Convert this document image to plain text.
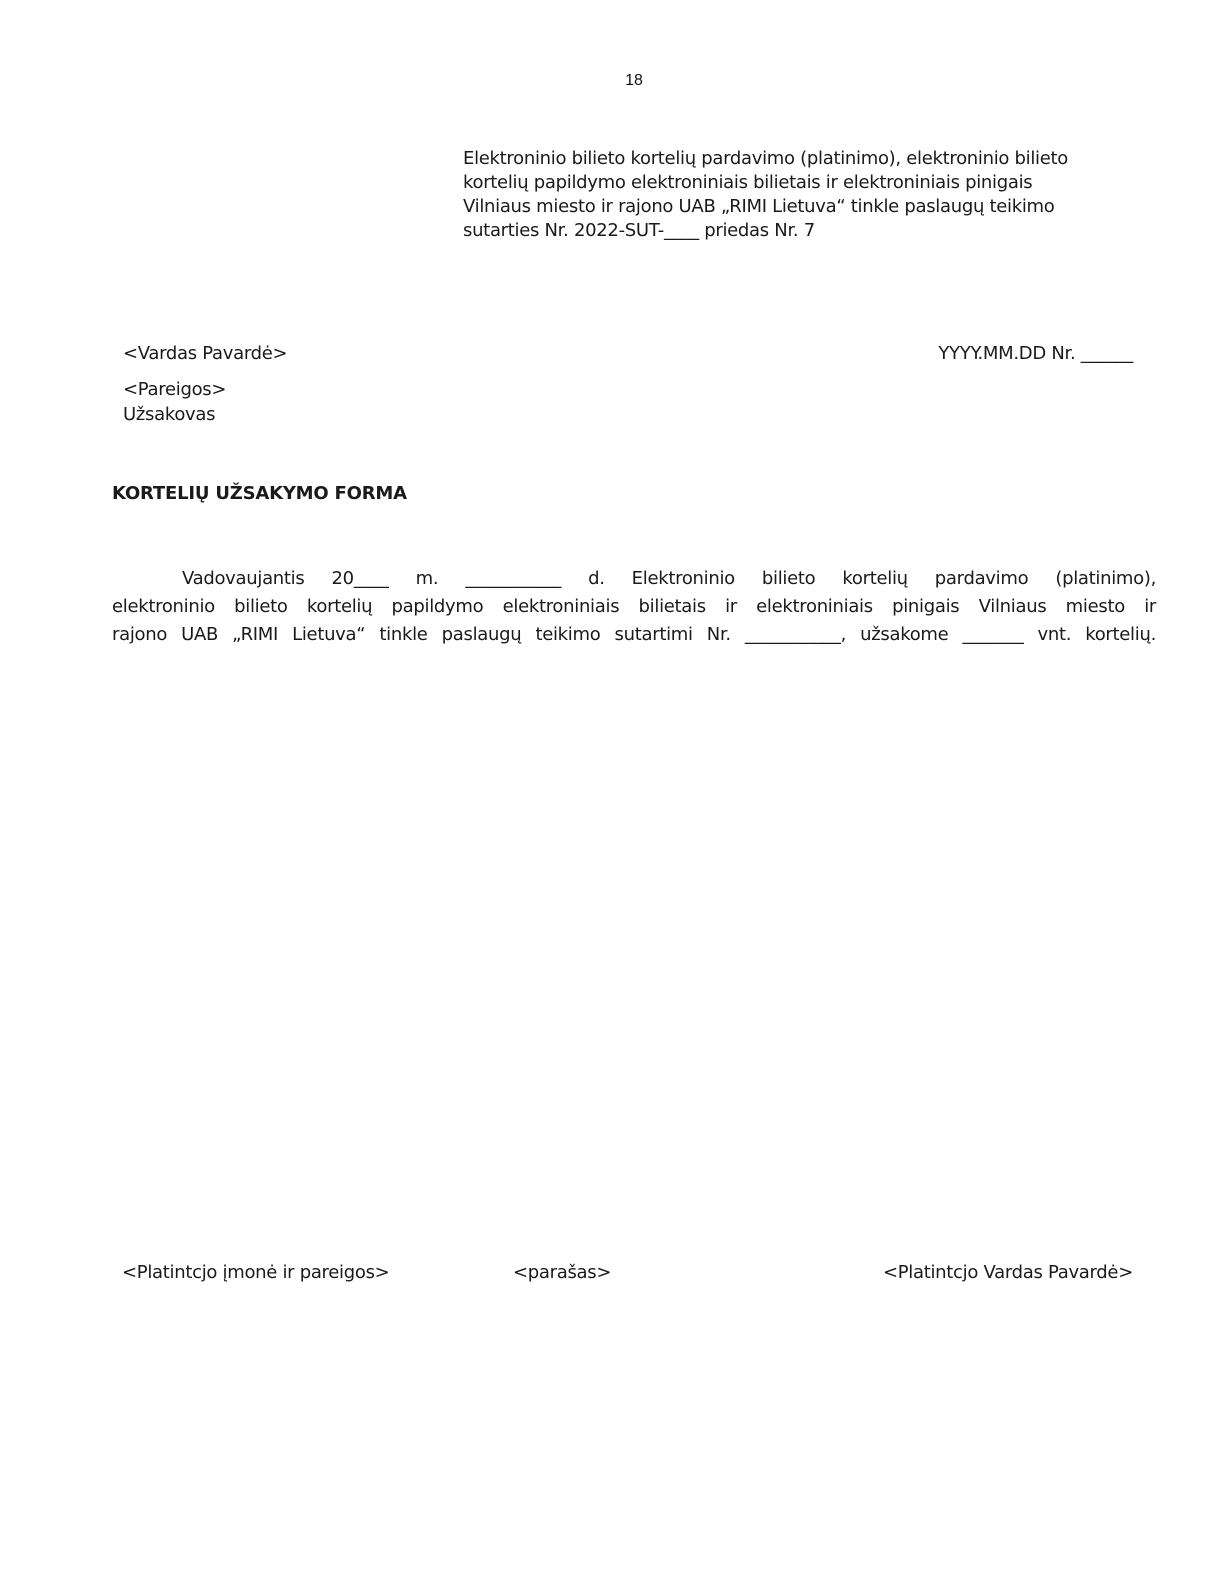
18
Elektroninio bilieto kortelių pardavimo (platinimo), elektroninio bilieto
kortelių papildymo elektroniniais bilietais ir elektroniniais pinigais
Vilniaus miesto ir rajono UAB „RIMI Lietuva“ tinkle paslaugų teikimo
sutarties Nr. 2022-SUT-____ priedas Nr. 7
<Vardas Pavardė>	YYYY.MM.DD Nr. ______
<Pareigos>
Užsakovas
KORTELIŲ UŽSAKYMO FORMA
Vadovaujantis 20____ m. ___________ d. Elektroninio bilieto kortelių pardavimo (platinimo),
elektroninio bilieto kortelių papildymo elektroniniais bilietais ir elektroniniais pinigais Vilniaus miesto ir
rajono UAB „RIMI Lietuva“ tinkle paslaugų teikimo sutartimi Nr. ___________, užsakome _______ vnt. kortelių.
<Platintcjo įmonė ir pareigos>	<parašas>	<Platintcjo Vardas Pavardė>
